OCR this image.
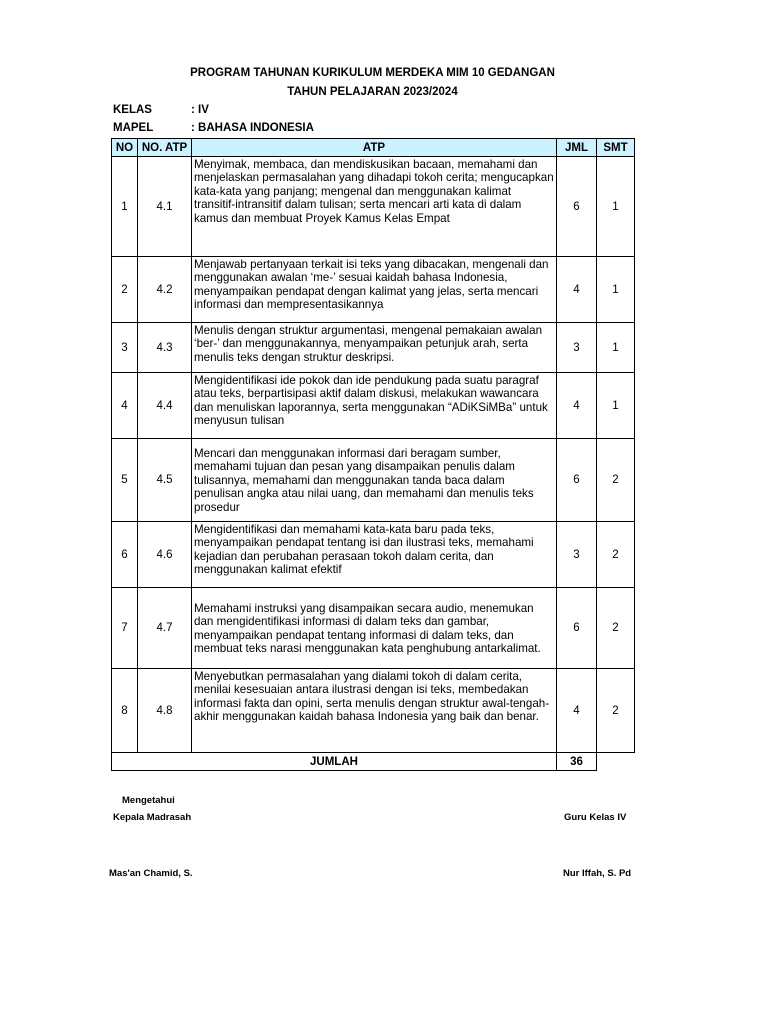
PROGRAM TAHUNAN KURIKULUM MERDEKA MIM 10 GEDANGAN
TAHUN PELAJARAN 2023/2024
KELAS	: IV
MAPEL	: BAHASA INDONESIA
NO	NO. ATP	ATP	JML	SMT
1	4.1	Menyimak, membaca, dan mendiskusikan bacaan, memahami dan menjelaskan permasalahan yang dihadapi tokoh cerita; mengucapkan kata-kata yang panjang; mengenal dan menggunakan kalimat transitif-intransitif dalam tulisan; serta mencari arti kata di dalam kamus dan membuat Proyek Kamus Kelas Empat	6	1
2	4.2	Menjawab pertanyaan terkait isi teks yang dibacakan, mengenali dan menggunakan awalan ‘me-’ sesuai kaidah bahasa Indonesia, menyampaikan pendapat dengan kalimat yang jelas, serta mencari informasi dan mempresentasikannya	4	1
3	4.3	Menulis dengan struktur argumentasi, mengenal pemakaian awalan ‘ber-’ dan menggunakannya, menyampaikan petunjuk arah, serta menulis teks dengan struktur deskripsi.	3	1
4	4.4	Mengidentifikasi ide pokok dan ide pendukung pada suatu paragraf atau teks, berpartisipasi aktif dalam diskusi, melakukan wawancara dan menuliskan laporannya, serta menggunakan “ADiKSiMBa” untuk menyusun tulisan	4	1
5	4.5	Mencari dan menggunakan informasi dari beragam sumber, memahami tujuan dan pesan yang disampaikan penulis dalam tulisannya, memahami dan menggunakan tanda baca dalam penulisan angka atau nilai uang, dan memahami dan menulis teks prosedur	6	2
6	4.6	Mengidentifikasi dan memahami kata-kata baru pada teks, menyampaikan pendapat tentang isi dan ilustrasi teks, memahami kejadian dan perubahan perasaan tokoh dalam cerita, dan menggunakan kalimat efektif	3	2
7	4.7	Memahami instruksi yang disampaikan secara audio, menemukan dan mengidentifikasi informasi di dalam teks dan gambar, menyampaikan pendapat tentang informasi di dalam teks, dan membuat teks narasi menggunakan kata penghubung antarkalimat.	6	2
8	4.8	Menyebutkan permasalahan yang dialami tokoh di dalam cerita, menilai kesesuaian antara ilustrasi dengan isi teks, membedakan informasi fakta dan opini, serta menulis dengan struktur awal-tengah-akhir menggunakan kaidah bahasa Indonesia yang baik dan benar.	4	2
JUMLAH			36	
Mengetahui
Kepala Madrasah	Guru Kelas IV
Mas'an Chamid, S.	Nur Iffah, S. Pd
